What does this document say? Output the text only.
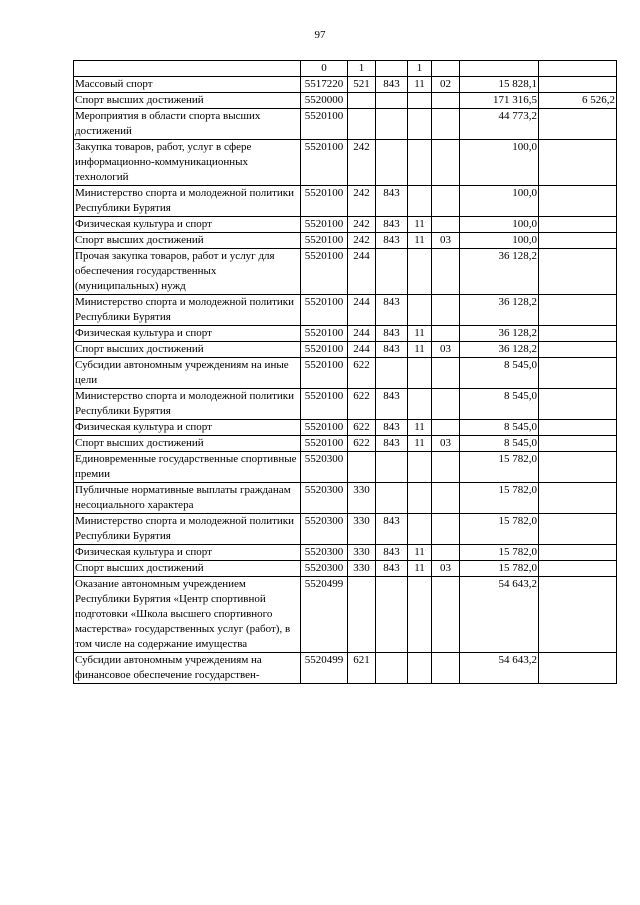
97
	0	1		1			
Массовый спорт	5517220	521	843	11	02	15 828,1	
Спорт высших достижений	5520000					171 316,5	6 526,2
Мероприятия в области спорта высших достижений	5520100					44 773,2	
Закупка товаров, работ, услуг в сфере информационно-коммуникационных технологий	5520100	242				100,0	
Министерство спорта и молодежной политики Республики Бурятия	5520100	242	843			100,0	
Физическая культура и спорт	5520100	242	843	11		100,0	
Спорт высших достижений	5520100	242	843	11	03	100,0	
Прочая закупка товаров, работ и услуг для обеспечения государственных (муниципальных) нужд	5520100	244				36 128,2	
Министерство спорта и молодежной политики Республики Бурятия	5520100	244	843			36 128,2	
Физическая культура и спорт	5520100	244	843	11		36 128,2	
Спорт высших достижений	5520100	244	843	11	03	36 128,2	
Субсидии автономным учреждениям на иные цели	5520100	622				8 545,0	
Министерство спорта и молодежной политики Республики Бурятия	5520100	622	843			8 545,0	
Физическая культура и спорт	5520100	622	843	11		8 545,0	
Спорт высших достижений	5520100	622	843	11	03	8 545,0	
Единовременные государственные спортивные премии	5520300					15 782,0	
Публичные нормативные выплаты гражданам несоциального характера	5520300	330				15 782,0	
Министерство спорта и молодежной политики Республики Бурятия	5520300	330	843			15 782,0	
Физическая культура и спорт	5520300	330	843	11		15 782,0	
Спорт высших достижений	5520300	330	843	11	03	15 782,0	
Оказание автономным учреждением Республики Бурятия «Центр спортивной подготовки «Школа высшего спортивного мастерства» государственных услуг (работ), в том числе на содержание имущества	5520499					54 643,2	
Субсидии автономным учреждениям на финансовое обеспечение государствен-	5520499	621				54 643,2	
